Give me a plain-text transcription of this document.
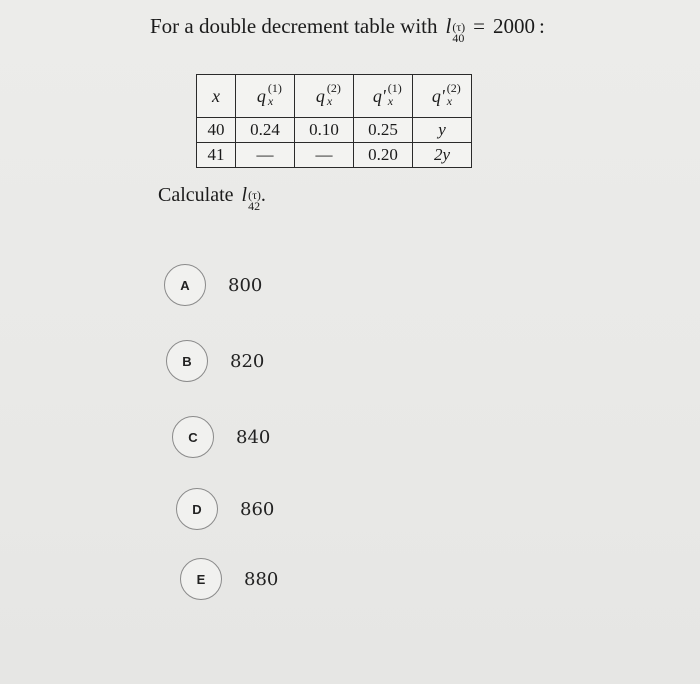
For a double decrement table with l (τ)
40 = 2000 :
x	q $^{(1)}$x	q $^{(2)}$x	q' $^{(1)}$x	q' $^{(2)}$x
40	0.24	0.10	0.25	y
41	—	—	0.20	2y
Calculate l (τ)
42 .
A	800
B	820
C	840
D	860
E	880
